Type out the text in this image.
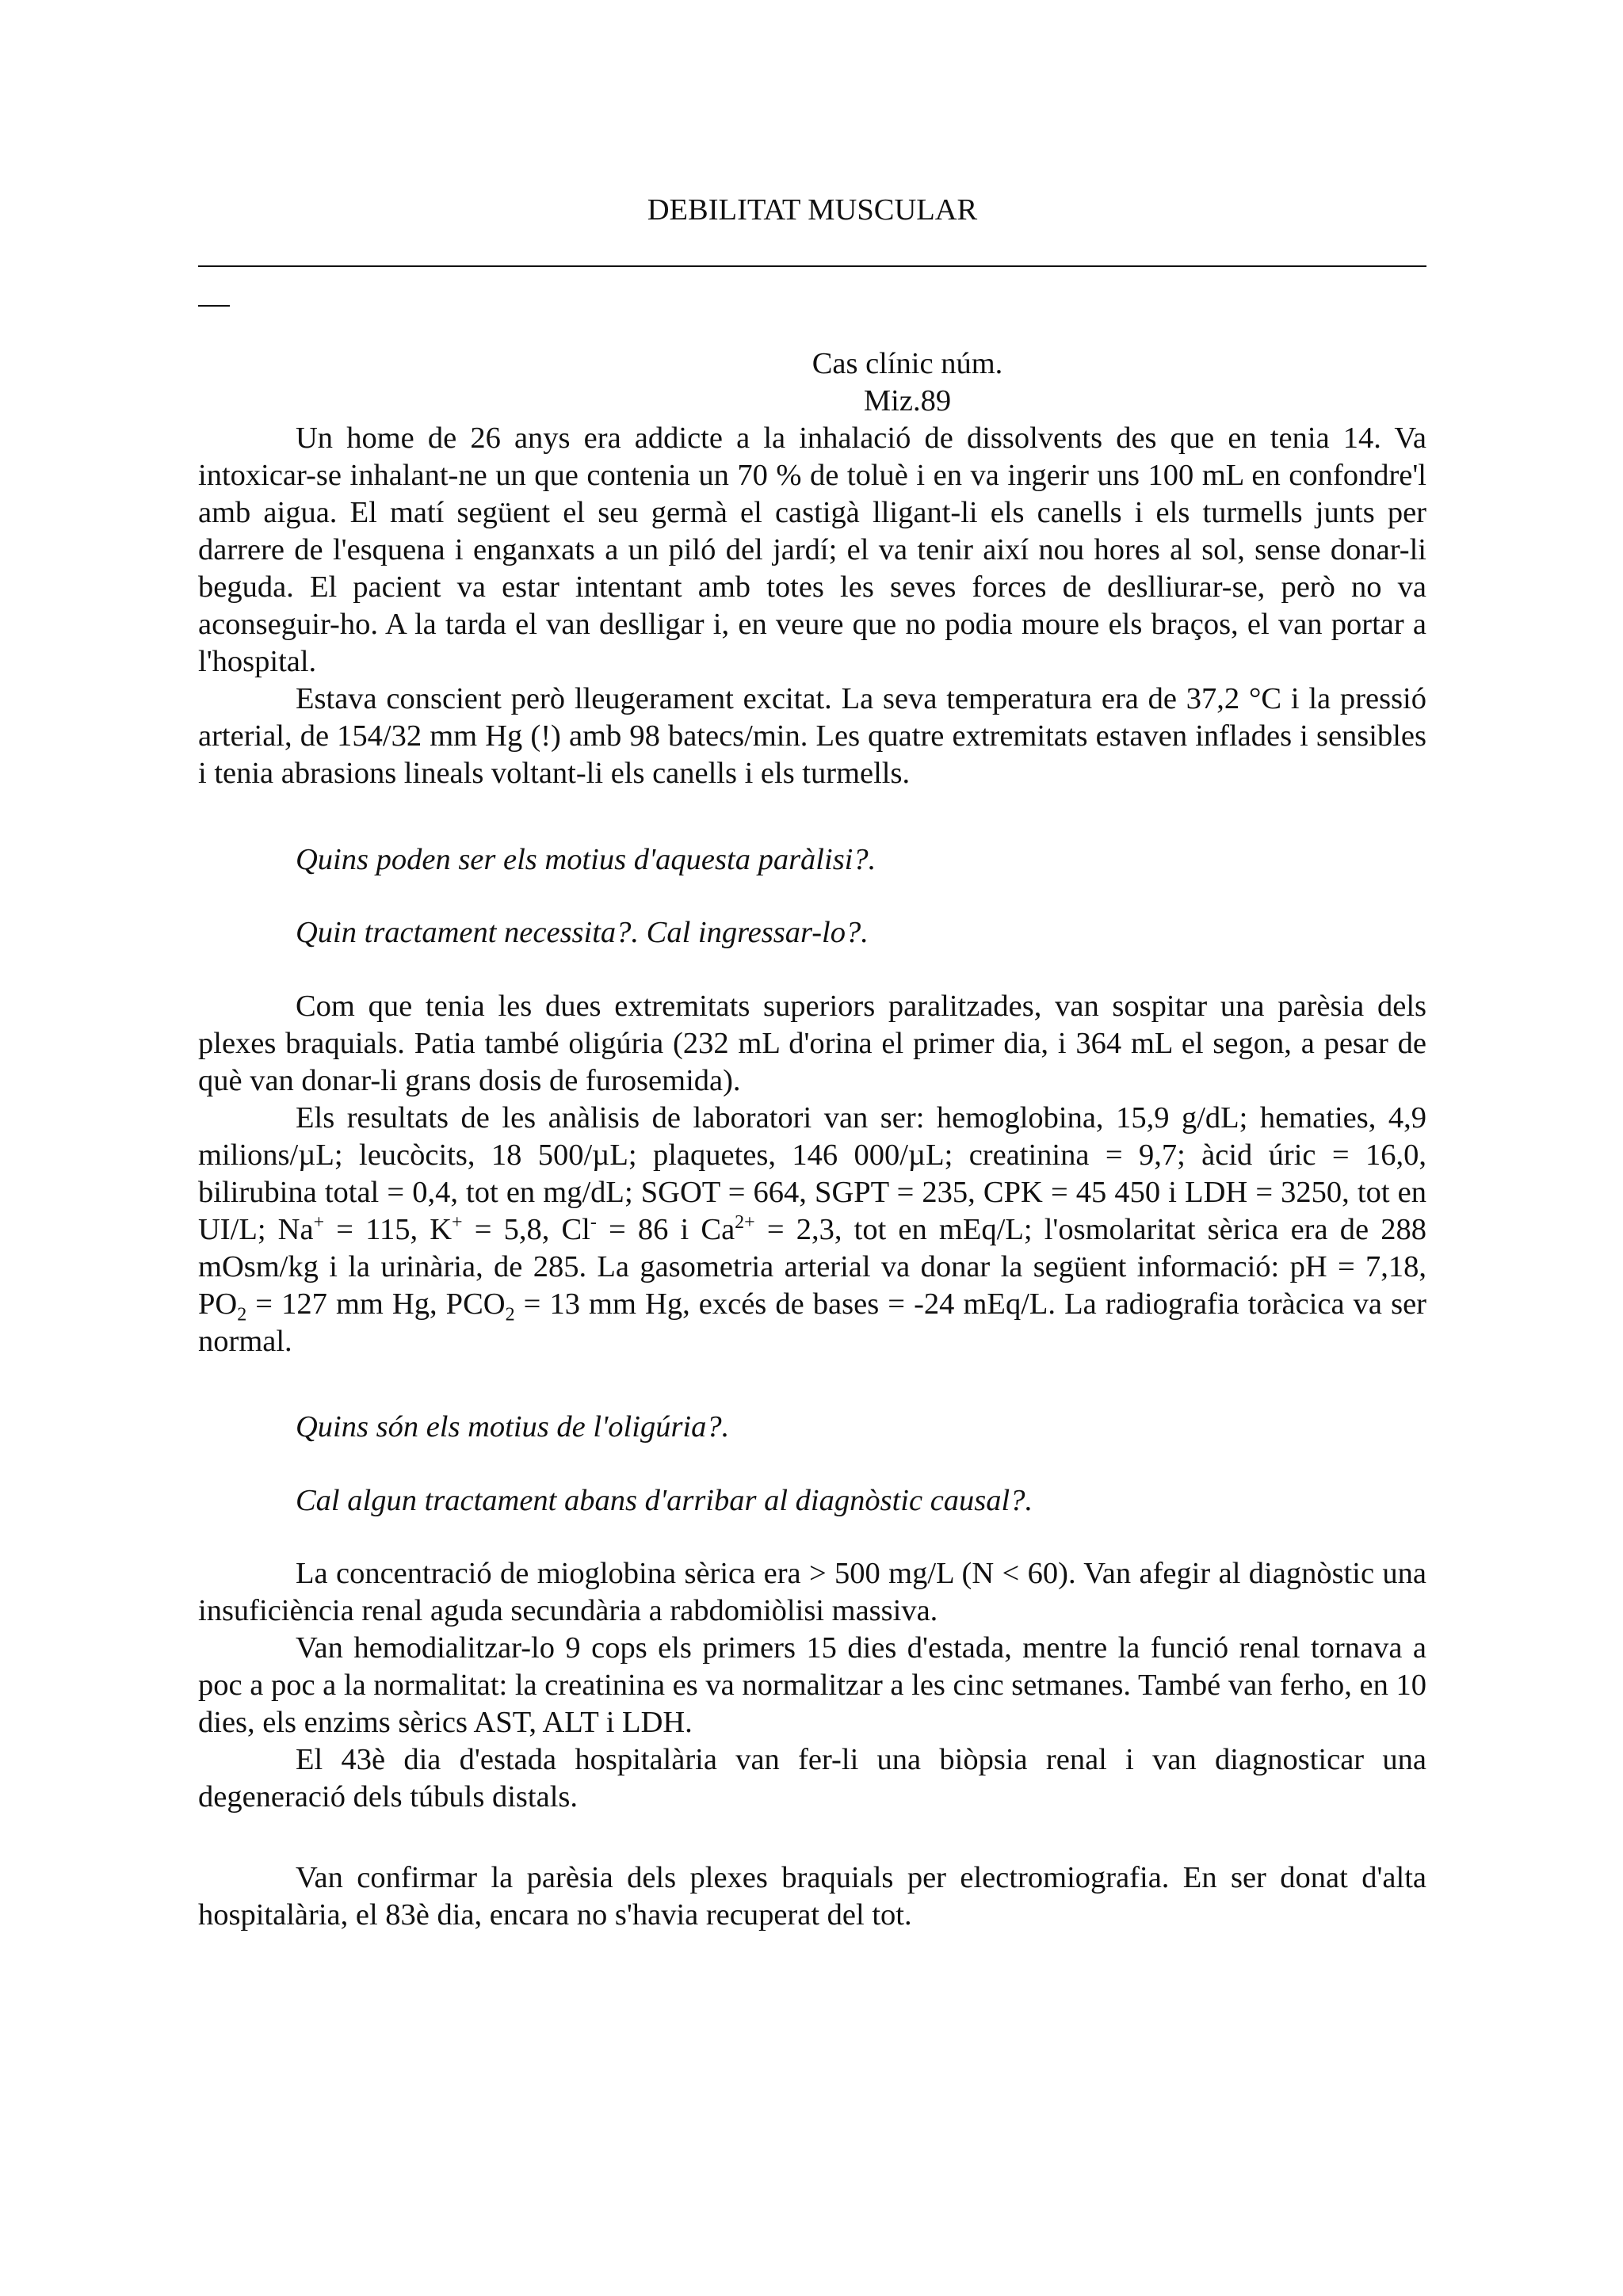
DEBILITAT MUSCULAR
Cas clínic núm.
Miz.89

Un home de 26 anys era addicte a la inhalació de dissolvents des que en tenia 14. Va intoxicar-se inhalant-ne un que contenia un 70 % de toluè i en va ingerir uns 100 mL en confondre'l amb aigua. El matí següent el seu germà el castigà lligant-li els canells i els turmells junts per darrere de l'esquena i enganxats a un piló del jardí; el va tenir així nou hores al sol, sense donar-li beguda. El pacient va estar intentant amb totes les seves forces de deslliurar-se, però no va aconseguir-ho. A la tarda el van deslligar i, en veure que no podia moure els braços, el van portar a l'hospital.

Estava conscient però lleugerament excitat. La seva temperatura era de 37,2 °C i la pressió arterial, de 154/32 mm Hg (!) amb 98 batecs/min. Les quatre extremitats estaven inflades i sensibles i tenia abrasions lineals voltant-li els canells i els turmells.

Quins poden ser els motius d'aquesta paràlisi?.

Quin tractament necessita?. Cal ingressar-lo?.

Com que tenia les dues extremitats superiors paralitzades, van sospitar una parèsia dels plexes braquials. Patia també oligúria (232 mL d'orina el primer dia, i 364 mL el segon, a pesar de què van donar-li grans dosis de furosemida).

Els resultats de les anàlisis de laboratori van ser: hemoglobina, 15,9 g/dL; hematies, 4,9 milions/µL; leucòcits, 18 500/µL; plaquetes, 146 000/µL; creatinina = 9,7; àcid úric = 16,0, bilirubina total = 0,4, tot en mg/dL; SGOT = 664, SGPT = 235, CPK = 45 450 i LDH = 3250, tot en UI/L; Na+ = 115, K+ = 5,8, Cl- = 86 i $Ca^{2+} = 2,3$, tot en mEq/L; l'osmolaritat sèrica era de 288 mOsm/kg i la urinària, de 285. La gasometria arterial va donar la següent informació: pH = 7,18, $PO_2 = 127$ mm Hg, $PCO_2 = 13$ mm Hg, excés de bases = -24 mEq/L. La radiografia toràcica va ser normal.

Quins són els motius de l'oligúria?.

Cal algun tractament abans d'arribar al diagnòstic causal?.

La concentració de mioglobina sèrica era > 500 mg/L (N < 60). Van afegir al diagnòstic una insuficiència renal aguda secundària a rabdomiòlisi massiva.

Van hemodialitzar-lo 9 cops els primers 15 dies d'estada, mentre la funció renal tornava a poc a poc a la normalitat: la creatinina es va normalitzar a les cinc setmanes. També van ferho, en 10 dies, els enzims sèrics AST, ALT i LDH.

El 43è dia d'estada hospitalària van fer-li una biòpsia renal i van diagnosticar una degeneració dels túbuls distals.

Van confirmar la parèsia dels plexes braquials per electromiografia. En ser donat d'alta hospitalària, el 83è dia, encara no s'havia recuperat del tot.
